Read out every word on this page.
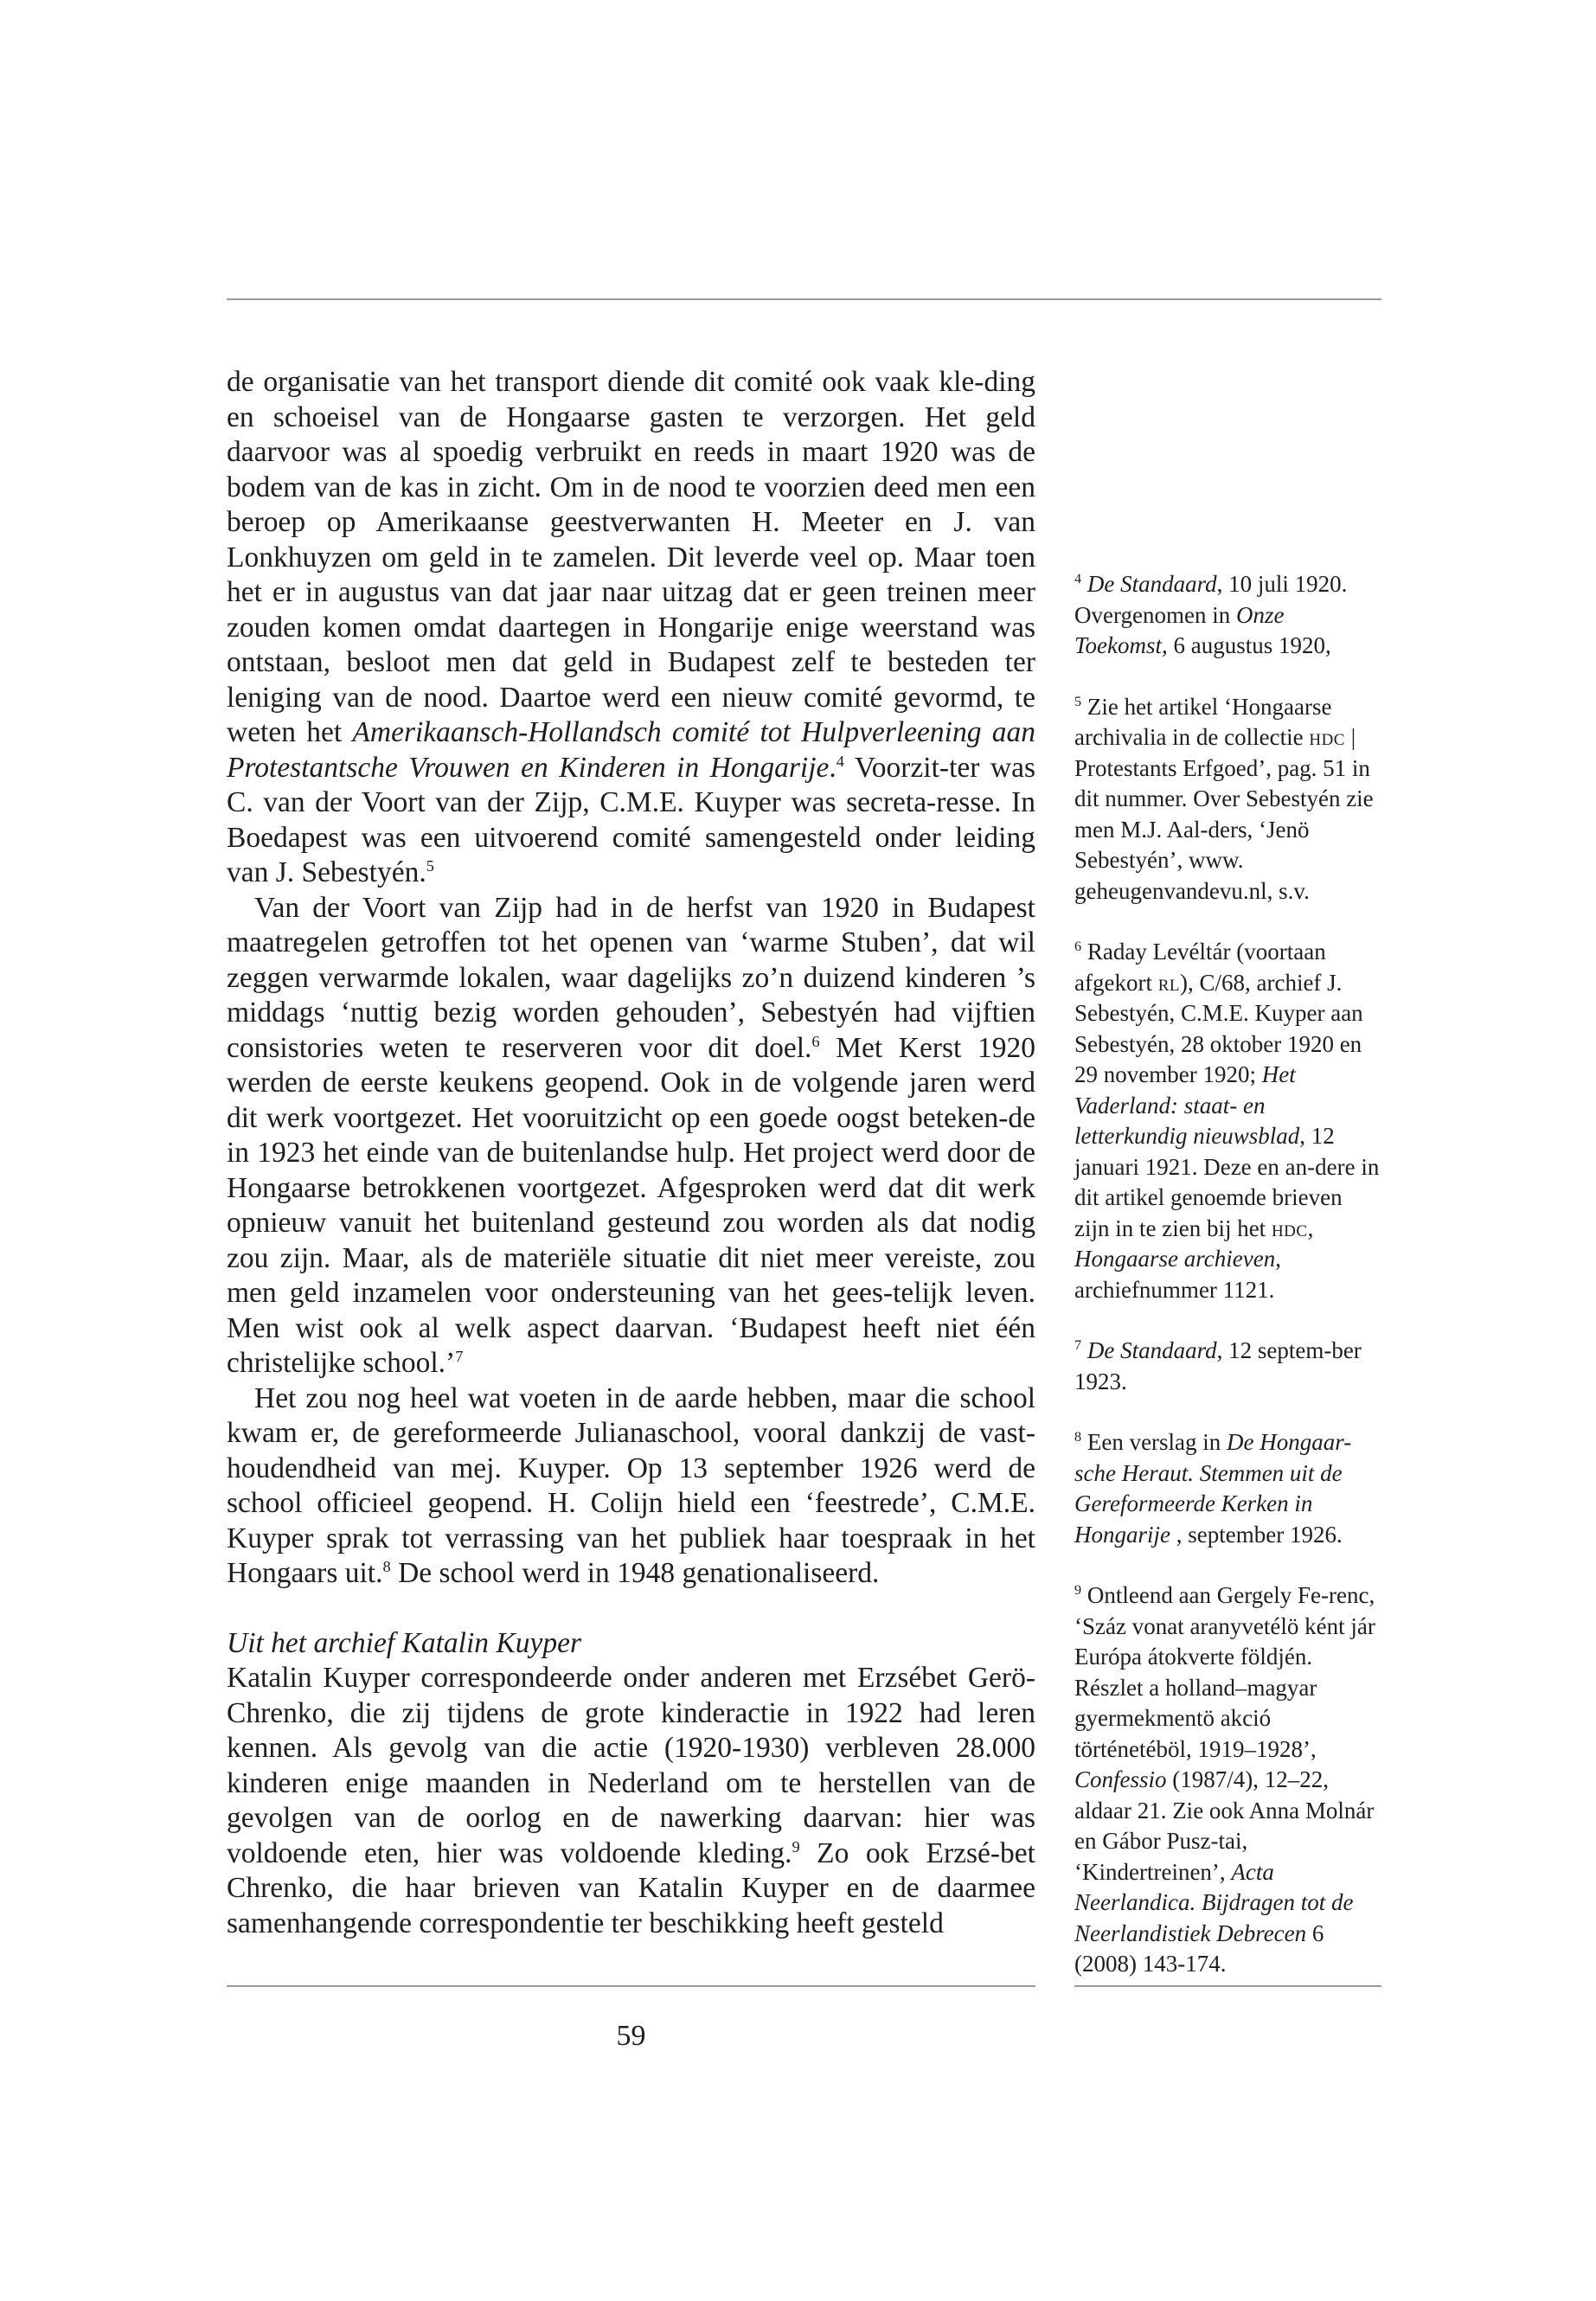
de organisatie van het transport diende dit comité ook vaak kle-ding en schoeisel van de Hongaarse gasten te verzorgen. Het geld daarvoor was al spoedig verbruikt en reeds in maart 1920 was de bodem van de kas in zicht. Om in de nood te voorzien deed men een beroep op Amerikaanse geestverwanten H. Meeter en J. van Lonkhuyzen om geld in te zamelen. Dit leverde veel op. Maar toen het er in augustus van dat jaar naar uitzag dat er geen treinen meer zouden komen omdat daartegen in Hongarije enige weerstand was ontstaan, besloot men dat geld in Budapest zelf te besteden ter leniging van de nood. Daartoe werd een nieuw comité gevormd, te weten het Amerikaansch-Hollandsch comité tot Hulpverleening aan Protestantsche Vrouwen en Kinderen in Hongarije.$^4$ Voorzit-ter was C. van der Voort van der Zijp, C.M.E. Kuyper was secreta-resse. In Boedapest was een uitvoerend comité samengesteld onder leiding van J. Sebestyén.$^5$

Van der Voort van Zijp had in de herfst van 1920 in Budapest maatregelen getroffen tot het openen van ‘warme Stuben’, dat wil zeggen verwarmde lokalen, waar dagelijks zo’n duizend kinderen ’s middags ‘nuttig bezig worden gehouden’, Sebestyén had vijftien consistories weten te reserveren voor dit doel.$^6$ Met Kerst 1920 werden de eerste keukens geopend. Ook in de volgende jaren werd dit werk voortgezet. Het vooruitzicht op een goede oogst beteken-de in 1923 het einde van de buitenlandse hulp. Het project werd door de Hongaarse betrokkenen voortgezet. Afgesproken werd dat dit werk opnieuw vanuit het buitenland gesteund zou worden als dat nodig zou zijn. Maar, als de materiële situatie dit niet meer vereiste, zou men geld inzamelen voor ondersteuning van het gees-telijk leven. Men wist ook al welk aspect daarvan. ‘Budapest heeft niet één christelijke school.’$^7$

Het zou nog heel wat voeten in de aarde hebben, maar die school kwam er, de gereformeerde Julianaschool, vooral dankzij de vast-houdendheid van mej. Kuyper. Op 13 september 1926 werd de school officieel geopend. H. Colijn hield een ‘feestrede’, C.M.E. Kuyper sprak tot verrassing van het publiek haar toespraak in het Hongaars uit.$^8$ De school werd in 1948 genationaliseerd.

Uit het archief Katalin Kuyper

Katalin Kuyper correspondeerde onder anderen met Erzsébet Gerö-Chrenko, die zij tijdens de grote kinderactie in 1922 had leren kennen. Als gevolg van die actie (1920-1930) verbleven 28.000 kinderen enige maanden in Nederland om te herstellen van de gevolgen van de oorlog en de nawerking daarvan: hier was voldoende eten, hier was voldoende kleding.$^9$ Zo ook Erzsé-bet Chrenko, die haar brieven van Katalin Kuyper en de daarmee samenhangende correspondentie ter beschikking heeft gesteld

$^4$ De Standaard, 10 juli 1920. Overgenomen in Onze Toekomst, 6 augustus 1920,

$^5$ Zie het artikel ‘Hongaarse archivalia in de collectie hdc | Protestants Erfgoed’, pag. 51 in dit nummer. Over Sebestyén zie men M.J. Aal-ders, ‘Jenö Sebestyén’, www. geheugenvandevu.nl, s.v.

$^6$ Raday Levéltár (voortaan afgekort rl), C/68, archief J. Sebestyén, C.M.E. Kuyper aan Sebestyén, 28 oktober 1920 en 29 november 1920; Het Vaderland: staat- en letterkundig nieuwsblad, 12 januari 1921. Deze en an-dere in dit artikel genoemde brieven zijn in te zien bij het hdc, Hongaarse archieven, archiefnummer 1121.

$^7$ De Standaard, 12 septem-ber 1923.

$^8$ Een verslag in De Hongaar-sche Heraut. Stemmen uit de Gereformeerde Kerken in Hongarije , september 1926.

$^9$ Ontleend aan Gergely Fe-renc, ‘Száz vonat aranyvetélö ként jár Európa átokverte földjén. Részlet a holland–magyar gyermekmentö akció történetéböl, 1919–1928’, Confessio (1987/4), 12–22, aldaar 21. Zie ook Anna Molnár en Gábor Pusz-tai, ‘Kindertreinen’, Acta Neerlandica. Bijdragen tot de Neerlandistiek Debrecen 6 (2008) 143-174.

59
